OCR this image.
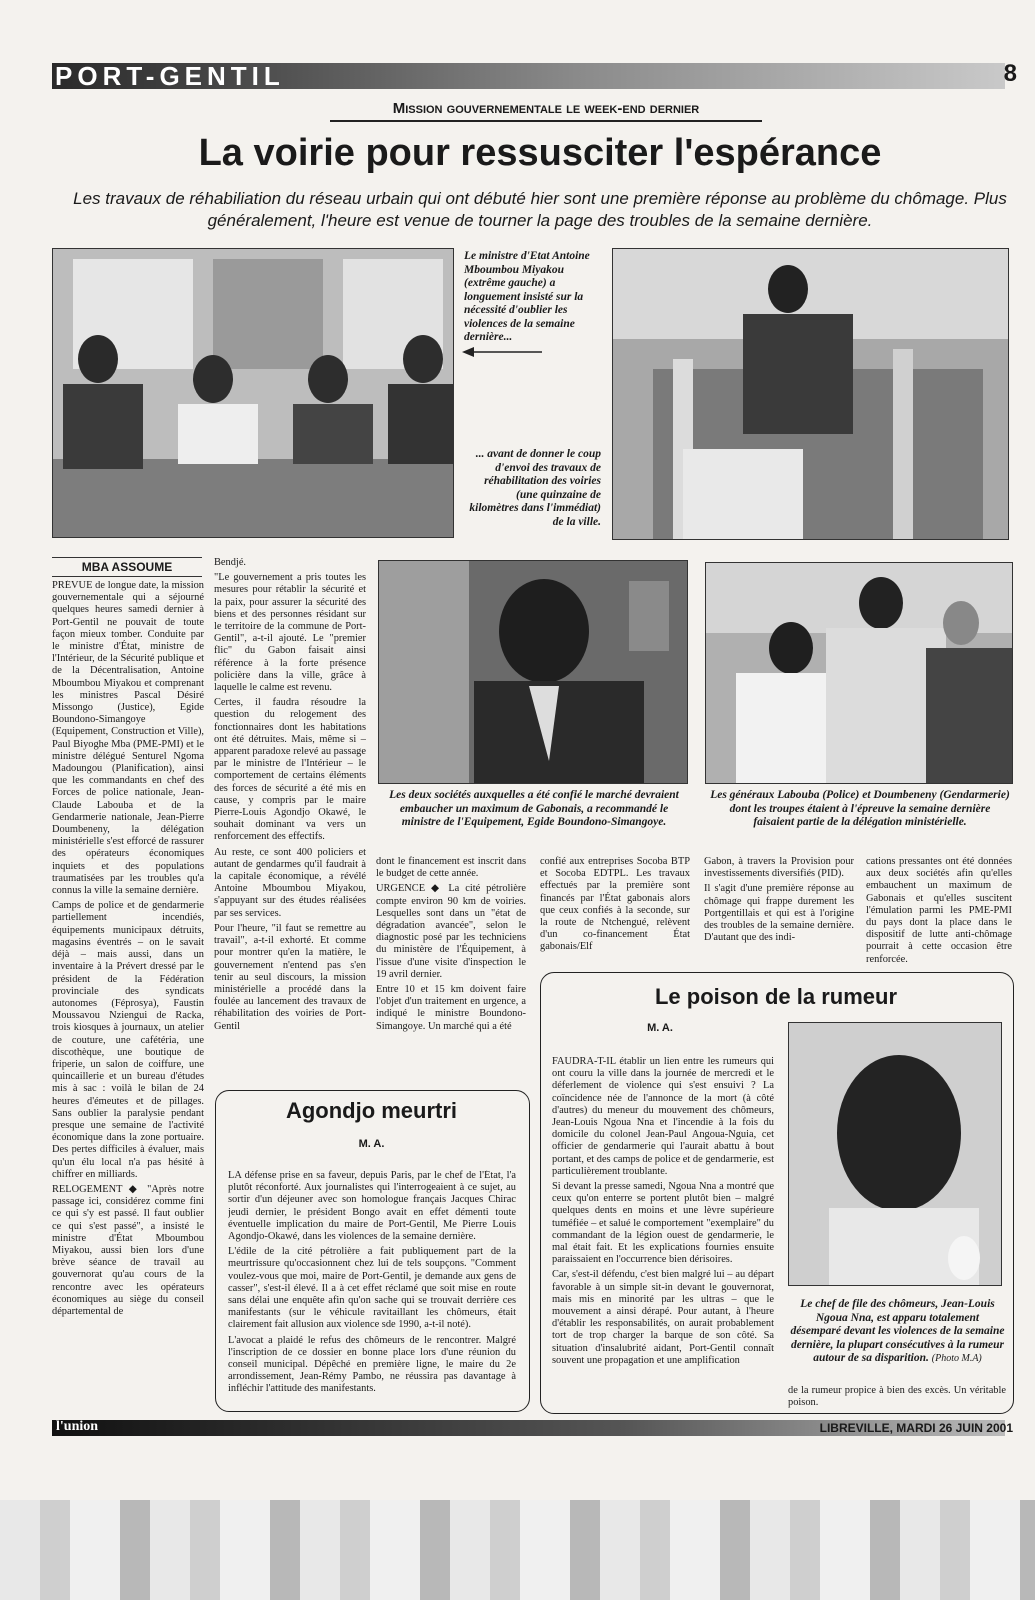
PORT-GENTIL	8
Mission gouvernementale le week-end dernier
La voirie pour ressusciter l'espérance
Les travaux de réhabiliation du réseau urbain qui ont débuté hier sont une première réponse au problème du chômage. Plus généralement, l'heure est venue de tourner la page des troubles de la semaine dernière.
Le ministre d'Etat Antoine Mboumbou Miyakou (extrême gauche) a longuement insisté sur la nécessité d'oublier les violences de la semaine dernière...
... avant de donner le coup d'envoi des travaux de réhabilitation des voiries (une quinzaine de kilomètres dans l'immédiat) de la ville.
Les deux sociétés auxquelles a été confié le marché devraient embaucher un maximum de Gabonais, a recommandé le ministre de l'Equipement, Egide Boundono-Simangoye.
Les généraux Labouba (Police) et Doumbeneny (Gendarmerie) dont les troupes étaient à l'épreuve la semaine dernière faisaient partie de la délégation ministérielle.
MBA ASSOUME

PRÉVUE de longue date, la mission gouvernementale qui a séjourné quelques heures samedi dernier à Port-Gentil ne pouvait de toute façon mieux tomber. Conduite par le ministre d'État, ministre de l'Intérieur, de la Sécurité publique et de la Décentralisation, Antoine Mboumbou Miyakou et comprenant les ministres Pascal Désiré Missongo (Justice), Egide Boundono-Simangoye (Equipement, Construction et Ville), Paul Biyoghe Mba (PME-PMI) et le ministre délégué Senturel Ngoma Madoungou (Planification), ainsi que les commandants en chef des Forces de police nationale, Jean-Claude Labouba et de la Gendarmerie nationale, Jean-Pierre Doumbeneny, la délégation ministérielle s'est efforcé de rassurer des opérateurs économiques inquiets et des populations traumatisées par les troubles qu'a connus la ville la semaine dernière.

Camps de police et de gendarmerie partiellement incendiés, équipements municipaux détruits, magasins éventrés – on le savait déjà – mais aussi, dans un inventaire à la Prévert dressé par le président de la Fédération provinciale des syndicats autonomes (Féprosya), Faustin Moussavou Nziengui de Racka, trois kiosques à journaux, un atelier de couture, une cafétéria, une discothèque, une boutique de friperie, un salon de coiffure, une quincaillerie et un bureau d'études mis à sac : voilà le bilan de 24 heures d'émeutes et de pillages. Sans oublier la paralysie pendant presque une semaine de l'activité économique dans la zone portuaire. Des pertes difficiles à évaluer, mais qu'un élu local n'a pas hésité à chiffrer en milliards.

RELOGEMENT ◆ "Après notre passage ici, considérez comme fini ce qui s'y est passé. Il faut oublier ce qui s'est passé", a insisté le ministre d'État Mboumbou Miyakou, aussi bien lors d'une brève séance de travail au gouvernorat qu'au cours de la rencontre avec les opérateurs économiques au siège du conseil départemental de

Bendjé.

"Le gouvernement a pris toutes les mesures pour rétablir la sécurité et la paix, pour assurer la sécurité des biens et des personnes résidant sur le territoire de la commune de Port-Gentil", a-t-il ajouté. Le "premier flic" du Gabon faisait ainsi référence à la forte présence policière dans la ville, grâce à laquelle le calme est revenu.

Certes, il faudra résoudre la question du relogement des fonctionnaires dont les habitations ont été détruites. Mais, même si – apparent paradoxe relevé au passage par le ministre de l'Intérieur – le comportement de certains éléments des forces de sécurité a été mis en cause, y compris par le maire Pierre-Louis Agondjo Okawé, le souhait dominant va vers un renforcement des effectifs.

Au reste, ce sont 400 policiers et autant de gendarmes qu'il faudrait à la capitale économique, a révélé Antoine Mboumbou Miyakou, s'appuyant sur des études réalisées par ses services.

Pour l'heure, "il faut se remettre au travail", a-t-il exhorté. Et comme pour montrer qu'en la matière, le gouvernement n'entend pas s'en tenir au seul discours, la mission ministérielle a procédé dans la foulée au lancement des travaux de réhabilitation des voiries de Port-Gentil

dont le financement est inscrit dans le budget de cette année.

URGENCE ◆ La cité pétrolière compte environ 90 km de voiries. Lesquelles sont dans un "état de dégradation avancée", selon le diagnostic posé par les techniciens du ministère de l'Équipement, à l'issue d'une visite d'inspection le 19 avril dernier.

Entre 10 et 15 km doivent faire l'objet d'un traitement en urgence, a indiqué le ministre Boundono-Simangoye. Un marché qui a été

confié aux entreprises Socoba BTP et Socoba EDTPL. Les travaux effectués par la première sont financés par l'État gabonais alors que ceux confiés à la seconde, sur la route de Ntchengué, relèvent d'un co-financement État gabonais/Elf

Gabon, à travers la Provision pour investissements diversifiés (PID).

Il s'agit d'une première réponse au chômage qui frappe durement les Portgentillais et qui est à l'origine des troubles de la semaine dernière. D'autant que des indi-

cations pressantes ont été données aux deux sociétés afin qu'elles embauchent un maximum de Gabonais et qu'elles suscitent l'émulation parmi les PME-PMI du pays dont la place dans le dispositif de lutte anti-chômage pourrait à cette occasion être renforcée.

Agondjo meurtri
M. A.

LA défense prise en sa faveur, depuis Paris, par le chef de l'État, l'a plutôt réconforté. Aux journalistes qui l'interrogeaient à ce sujet, au sortir d'un déjeuner avec son homologue français Jacques Chirac jeudi dernier, le président Bongo avait en effet démenti toute éventuelle implication du maire de Port-Gentil, Me Pierre Louis Agondjo-Okawé, dans les violences de la semaine dernière.

L'édile de la cité pétrolière a fait publiquement part de la meurtrissure qu'occasionnent chez lui de tels soupçons. "Comment voulez-vous que moi, maire de Port-Gentil, je demande aux gens de casser", s'est-il élevé. Il a à cet effet réclamé que soit mise en route sans délai une enquête afin qu'on sache qui se trouvait derrière ces manifestants (sur le véhicule ravitaillant les chômeurs, était clairement fait allusion aux violence sde 1990, a-t-il noté).

L'avocat a plaidé le refus des chômeurs de le rencontrer. Malgré l'inscription de ce dossier en bonne place lors d'une réunion du conseil municipal. Dépêché en première ligne, le maire du 2e arrondissement, Jean-Rémy Pambo, ne réussira pas davantage à infléchir l'attitude des manifestants.

Le poison de la rumeur
M. A.

FAUDRA-T-IL établir un lien entre les rumeurs qui ont couru la ville dans la journée de mercredi et le déferlement de violence qui s'est ensuivi ? La coïncidence née de l'annonce de la mort (à côté d'autres) du meneur du mouvement des chômeurs, Jean-Louis Ngoua Nna et l'incendie à la fois du domicile du colonel Jean-Paul Angoua-Nguia, cet officier de gendarmerie qui l'aurait abattu à bout portant, et des camps de police et de gendarmerie, est particulièrement troublante.

Si devant la presse samedi, Ngoua Nna a montré que ceux qu'on enterre se portent plutôt bien – malgré quelques dents en moins et une lèvre supérieure tuméfiée – et salué le comportement "exemplaire" du commandant de la légion ouest de gendarmerie, le mal était fait. Et les explications fournies ensuite paraissaient en l'occurrence bien dérisoires.

Car, s'est-il défendu, c'est bien malgré lui – au départ favorable à un simple sit-in devant le gouvernorat, mais mis en minorité par les ultras – que le mouvement a ainsi dérapé. Pour autant, à l'heure d'établir les responsabilités, on aurait probablement tort de trop charger la barque de son côté. Sa situation d'insalubrité aidant, Port-Gentil connaît souvent une propagation et une amplification

Le chef de file des chômeurs, Jean-Louis Ngoua Nna, est apparu totalement désemparé devant les violences de la semaine dernière, la plupart consécutives à la rumeur autour de sa disparition. (Photo M.A)
de la rumeur propice à bien des excès. Un véritable poison.
l'union	LIBREVILLE, MARDI 26 JUIN 2001
